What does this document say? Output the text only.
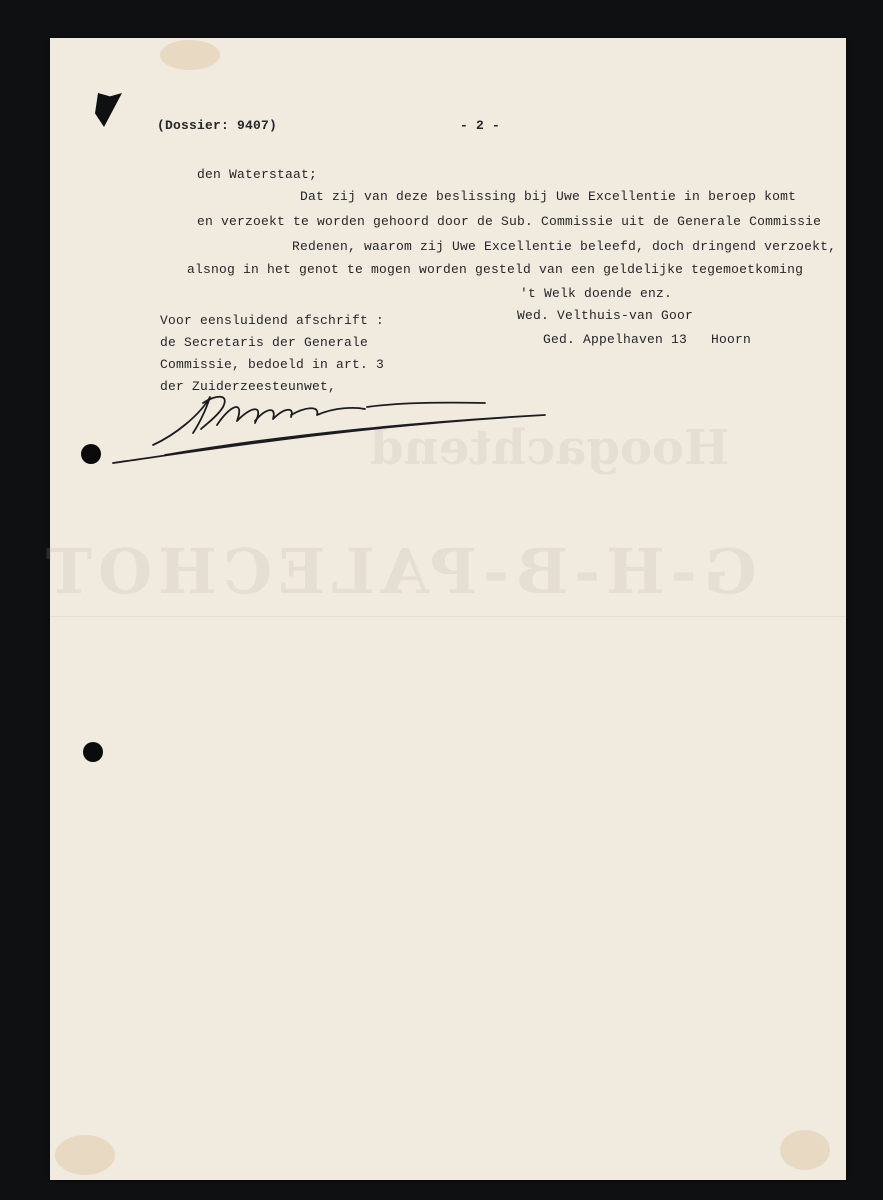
Hoogachtend
G-H-B-PALECHOT
(Dossier: 9407)	- 2 -
den Waterstaat;
Dat zij van deze beslissing bij Uwe Excellentie in beroep komt
en verzoekt te worden gehoord door de Sub. Commissie uit de Generale Commissie
Redenen, waarom zij Uwe Excellentie beleefd, doch dringend verzoekt,
alsnog in het genot te mogen worden gesteld van een geldelijke tegemoetkoming
't Welk doende enz.
Wed. Velthuis-van Goor
Ged. Appelhaven 13   Hoorn
Voor eensluidend afschrift :
de Secretaris der Generale
Commissie, bedoeld in art. 3
der Zuiderzeesteunwet,
